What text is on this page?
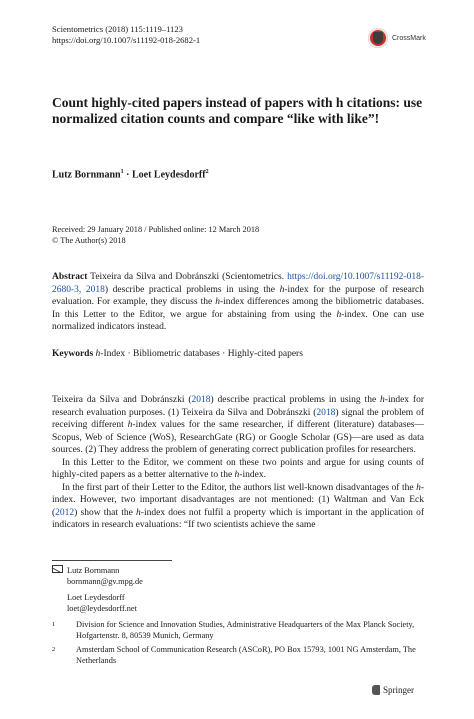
Scientometrics (2018) 115:1119–1123
https://doi.org/10.1007/s11192-018-2682-1	CrossMark
Count highly-cited papers instead of papers with h citations: use normalized citation counts and compare “like with like”!
Lutz Bornmann$^1$ · Loet Leydesdorff$^2$
Received: 29 January 2018 / Published online: 12 March 2018
© The Author(s) 2018
Abstract Teixeira da Silva and Dobránszki (Scientometrics. https://doi.org/10.1007/s11192-018-2680-3, 2018) describe practical problems in using the h-index for the purpose of research evaluation. For example, they discuss the h-index differences among the bibliometric databases. In this Letter to the Editor, we argue for abstaining from using the h-index. One can use normalized indicators instead.
Keywords h-Index · Bibliometric databases · Highly-cited papers

Teixeira da Silva and Dobránszki (2018) describe practical problems in using the h-index for research evaluation purposes. (1) Teixeira da Silva and Dobránszki (2018) signal the problem of receiving different h-index values for the same researcher, if different (literature) databases—Scopus, Web of Science (WoS), ResearchGate (RG) or Google Scholar (GS)—are used as data sources. (2) They address the problem of generating correct publication profiles for researchers.

In this Letter to the Editor, we comment on these two points and argue for using counts of highly-cited papers as a better alternative to the h-index.

In the first part of their Letter to the Editor, the authors list well-known disadvantages of the h-index. However, two important disadvantages are not mentioned: (1) Waltman and Van Eck (2012) show that the h-index does not fulfil a property which is important in the application of indicators in research evaluations: “If two scientists achieve the same

Lutz Bornmann
bornmann@gv.mpg.de
Loet Leydesdorff
loet@leydesdorff.net
1	Division for Science and Innovation Studies, Administrative Headquarters of the Max Planck Society, Hofgartenstr. 8, 80539 Munich, Germany
2	Amsterdam School of Communication Research (ASCoR), PO Box 15793, 1001 NG Amsterdam, The Netherlands
Springer
